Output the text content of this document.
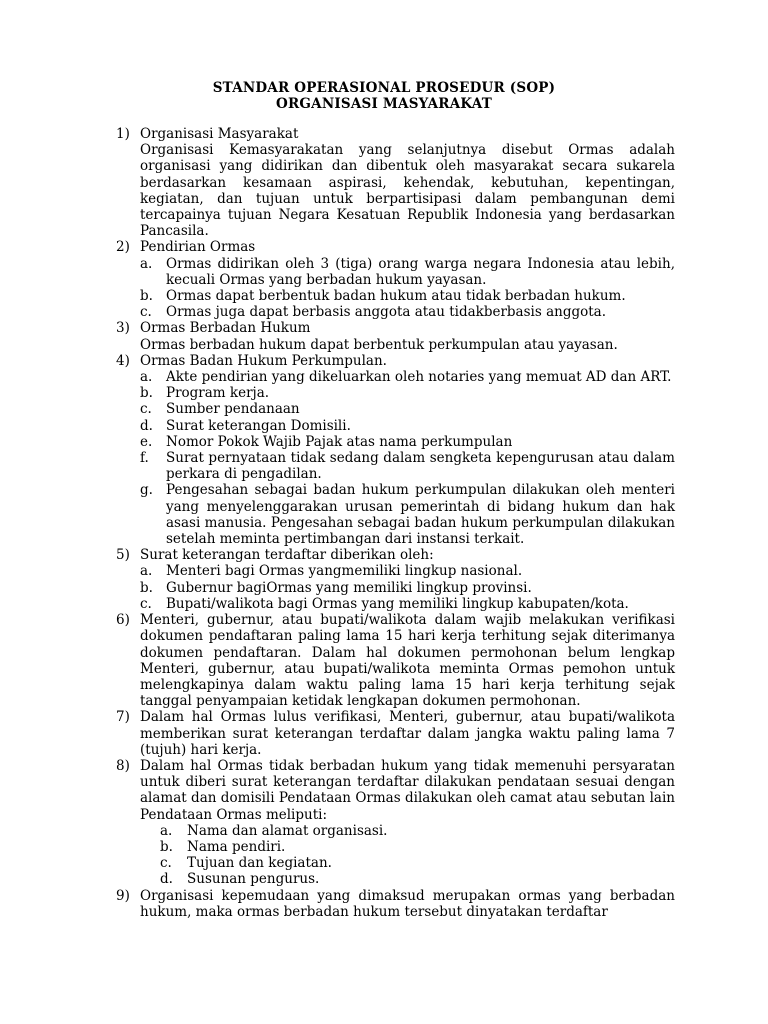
STANDAR OPERASIONAL PROSEDUR (SOP)
ORGANISASI MASYARAKAT
1) Organisasi Masyarakat
Organisasi Kemasyarakatan yang selanjutnya disebut Ormas adalah organisasi yang didirikan dan dibentuk oleh masyarakat secara sukarela berdasarkan kesamaan aspirasi, kehendak, kebutuhan, kepentingan, kegiatan, dan tujuan untuk berpartisipasi dalam pembangunan demi tercapainya tujuan Negara Kesatuan Republik Indonesia yang berdasarkan Pancasila.
2) Pendirian Ormas
a. Ormas didirikan oleh 3 (tiga) orang warga negara Indonesia atau lebih, kecuali Ormas yang berbadan hukum yayasan.
b. Ormas dapat berbentuk badan hukum atau tidak berbadan hukum.
c. Ormas juga dapat berbasis anggota atau tidakberbasis anggota.
3) Ormas Berbadan Hukum
Ormas berbadan hukum dapat berbentuk perkumpulan atau yayasan.
4) Ormas Badan Hukum Perkumpulan.
a. Akte pendirian yang dikeluarkan oleh notaries yang memuat AD dan ART.
b. Program kerja.
c. Sumber pendanaan
d. Surat keterangan Domisili.
e. Nomor Pokok Wajib Pajak atas nama perkumpulan
f. Surat pernyataan tidak sedang dalam sengketa kepengurusan atau dalam perkara di pengadilan.
g. Pengesahan sebagai badan hukum perkumpulan dilakukan oleh menteri yang menyelenggarakan urusan pemerintah di bidang hukum dan hak asasi manusia. Pengesahan sebagai badan hukum perkumpulan dilakukan setelah meminta pertimbangan dari instansi terkait.
5) Surat keterangan terdaftar diberikan oleh:
a. Menteri bagi Ormas yangmemiliki lingkup nasional.
b. Gubernur bagiOrmas yang memiliki lingkup provinsi.
c. Bupati/walikota bagi Ormas yang memiliki lingkup kabupaten/kota.
6) Menteri, gubernur, atau bupati/walikota dalam wajib melakukan verifikasi dokumen pendaftaran paling lama 15 hari kerja terhitung sejak diterimanya dokumen pendaftaran. Dalam hal dokumen permohonan belum lengkap Menteri, gubernur, atau bupati/walikota meminta Ormas pemohon untuk melengkapinya dalam waktu paling lama 15 hari kerja terhitung sejak tanggal penyampaian ketidak lengkapan dokumen permohonan.
7) Dalam hal Ormas lulus verifikasi, Menteri, gubernur, atau bupati/walikota memberikan surat keterangan terdaftar dalam jangka waktu paling lama 7 (tujuh) hari kerja.
8) Dalam hal Ormas tidak berbadan hukum yang tidak memenuhi persyaratan untuk diberi surat keterangan terdaftar dilakukan pendataan sesuai dengan alamat dan domisili Pendataan Ormas dilakukan oleh camat atau sebutan lain Pendataan Ormas meliputi:
a. Nama dan alamat organisasi.
b. Nama pendiri.
c. Tujuan dan kegiatan.
d. Susunan pengurus.
9) Organisasi kepemudaan yang dimaksud merupakan ormas yang berbadan hukum, maka ormas berbadan hukum tersebut dinyatakan terdaftar
